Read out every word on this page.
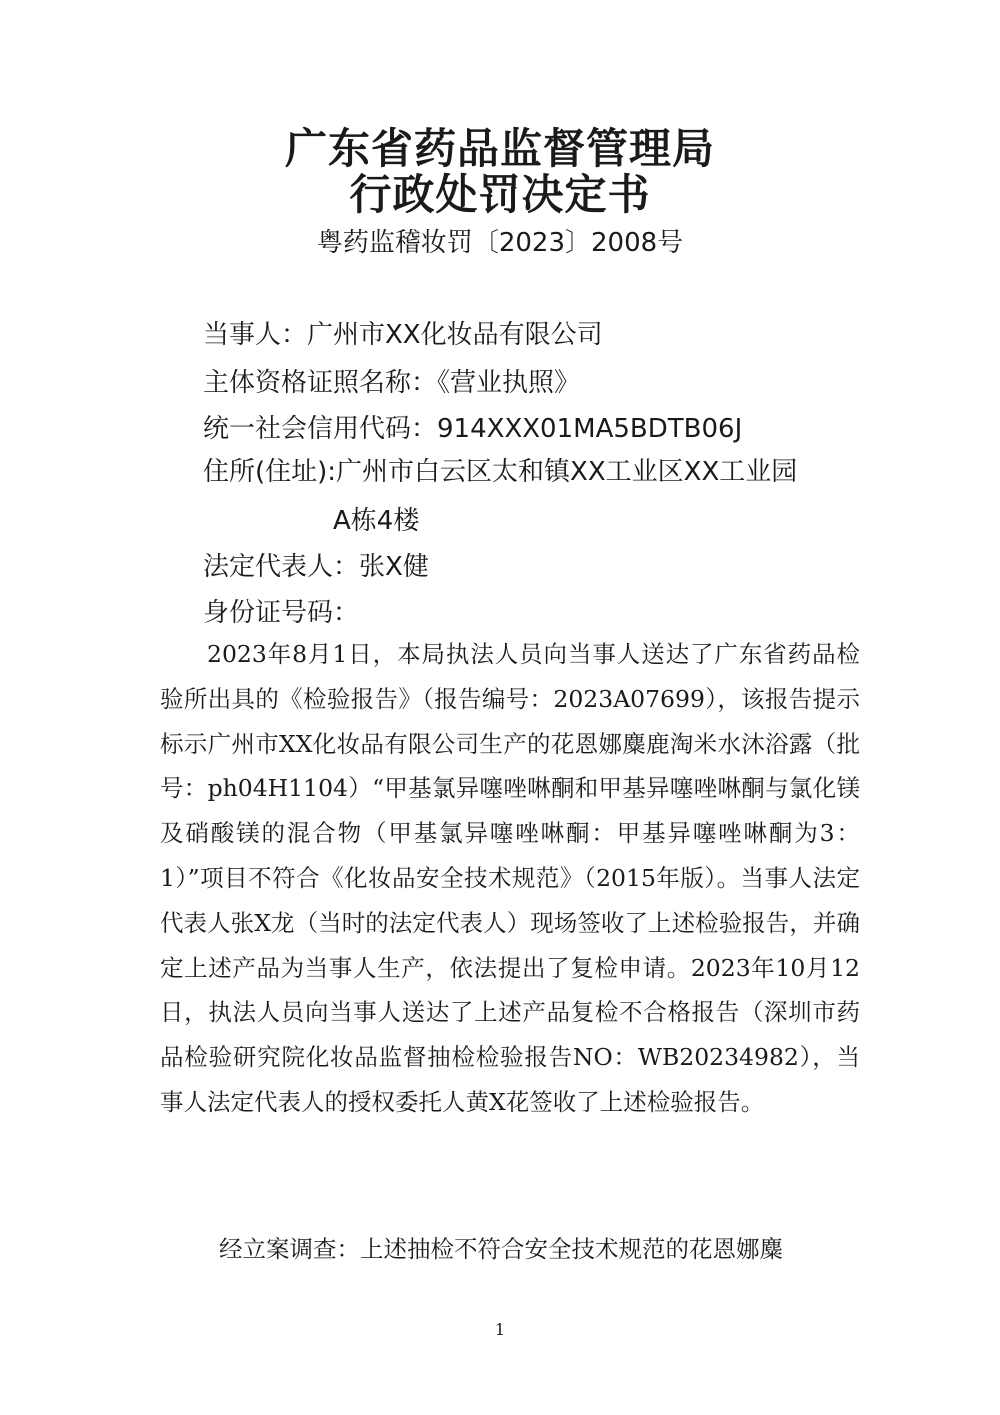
广东省药品监督管理局
行政处罚决定书
粤药监稽妆罚〔2023〕2008号
当事人：广州市XX化妆品有限公司
主体资格证照名称：《营业执照》
统一社会信用代码：914XXX01MA5BDTB06J
住所(住址):广州市白云区太和镇XX工业区XX工业园
A栋4楼
法定代表人：张X健
身份证号码：
2023年8月1日，本局执法人员向当事人送达了广东省药品检验所出具的《检验报告》（报告编号：2023A07699），该报告提示标示广州市XX化妆品有限公司生产的花恩娜麋鹿淘米水沐浴露（批号：ph04H1104）“甲基氯异噻唑啉酮和甲基异噻唑啉酮与氯化镁及硝酸镁的混合物（甲基氯异噻唑啉酮：甲基异噻唑啉酮为3：1）”项目不符合《化妆品安全技术规范》（2015年版）。当事人法定代表人张X龙（当时的法定代表人）现场签收了上述检验报告，并确定上述产品为当事人生产，依法提出了复检申请。2023年10月12日，执法人员向当事人送达了上述产品复检不合格报告（深圳市药品检验研究院化妆品监督抽检检验报告NO：WB20234982），当事人法定代表人的授权委托人黄X花签收了上述检验报告。
经立案调查：上述抽检不符合安全技术规范的花恩娜麋
1
